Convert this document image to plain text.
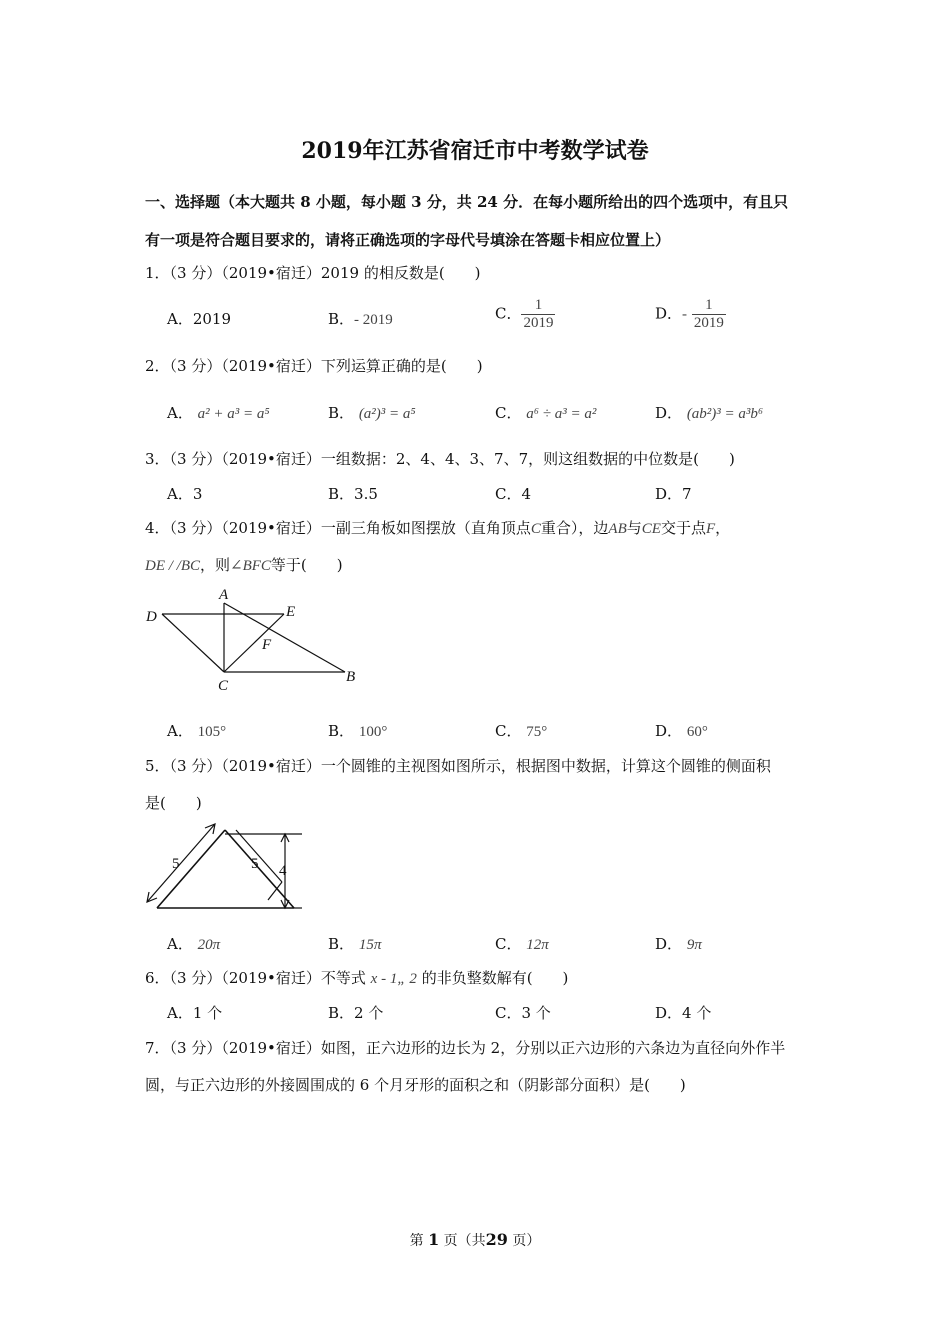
2019年江苏省宿迁市中考数学试卷
一、选择题（本大题共 8 小题，每小题 3 分，共 24 分．在每小题所给出的四个选项中，有且只
有一项是符合题目要求的，请将正确选项的字母代号填涂在答题卡相应位置上）
1．（3 分）（2019•宿迁）2019 的相反数是(　　)
A．2019	B．- 2019	C． $\frac{1}{2019}$	D．- $\frac{1}{2019}$
2．（3 分）（2019•宿迁）下列运算正确的是(　　)
A． a² + a³ = a⁵	B． (a²)³ = a⁵	C． a⁶ ÷ a³ = a²	D． (ab²)³ = a³b⁶
3．（3 分）（2019•宿迁）一组数据：2、4、4、3、7、7，则这组数据的中位数是(　　)
A．3	B．3.5	C．4	D．7
4．（3 分）（2019•宿迁）一副三角板如图摆放（直角顶点C重合），边AB与CE交于点F，
DE / /BC，则∠BFC等于(　　)
D
A
E
F
C
B
A． 105°	B． 100°	C． 75°	D． 60°
5．（3 分）（2019•宿迁）一个圆锥的主视图如图所示，根据图中数据，计算这个圆锥的侧面积
是(　　)
5	5 4
A． 20π	B． 15π	C． 12π	D． 9π
6．（3 分）（2019•宿迁）不等式 x - 1„ 2 的非负整数解有(　　)
A．1 个	B．2 个	C．3 个	D．4 个
7．（3 分）（2019•宿迁）如图，正六边形的边长为 2，分别以正六边形的六条边为直径向外作半
圆，与正六边形的外接圆围成的 6 个月牙形的面积之和（阴影部分面积）是(　　)
第 1 页（共29 页）
